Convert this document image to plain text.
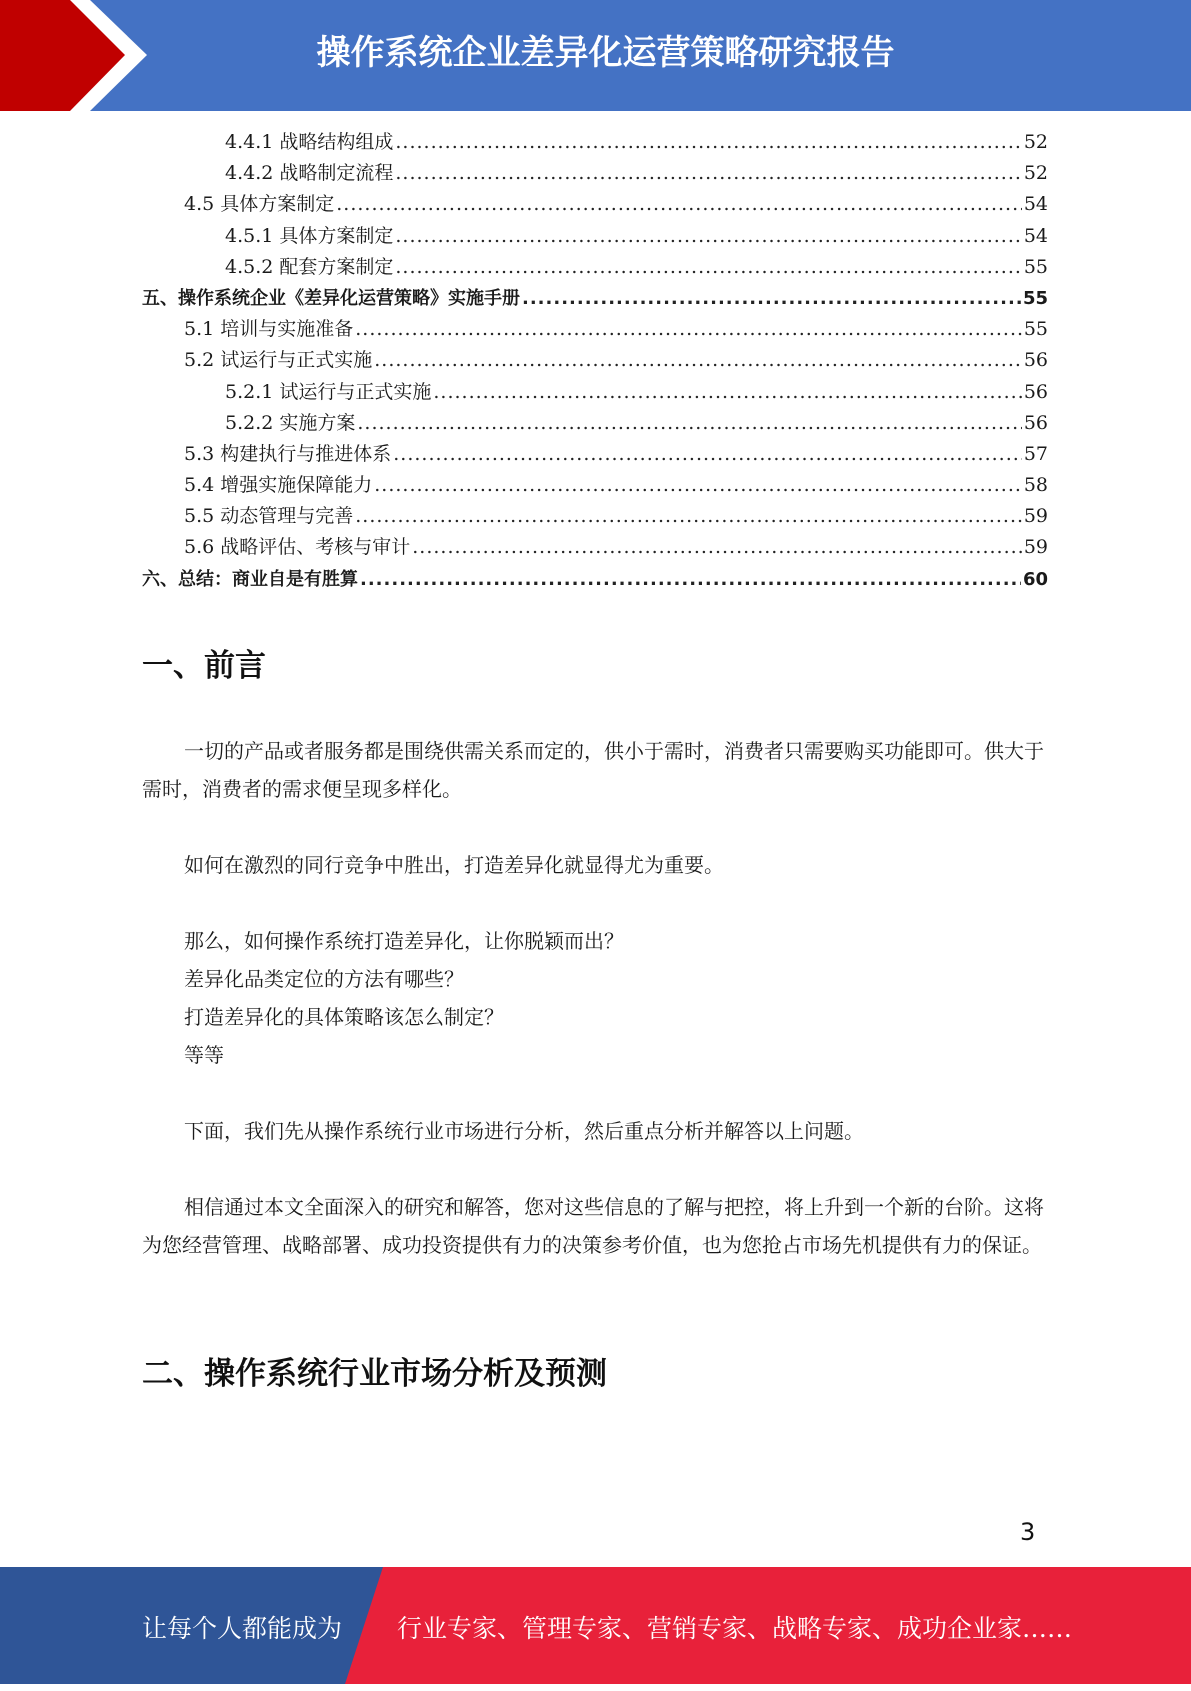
操作系统企业差异化运营策略研究报告
4.4.1 战略结构组成 .....	52
4.4.2 战略制定流程 .....	52
4.5 具体方案制定 .....	54
4.5.1 具体方案制定 .....	54
4.5.2 配套方案制定 .....	55
五、操作系统企业《差异化运营策略》实施手册 .....	55
5.1 培训与实施准备 .....	55
5.2 试运行与正式实施 .....	56
5.2.1 试运行与正式实施 .....	56
5.2.2 实施方案 .....	56
5.3 构建执行与推进体系 .....	57
5.4 增强实施保障能力 .....	58
5.5 动态管理与完善 .....	59
5.6 战略评估、考核与审计 .....	59
六、总结：商业自是有胜算 .....	60
一、前言

一切的产品或者服务都是围绕供需关系而定的，供小于需时，消费者只需要购买功能即可。供大于需时，消费者的需求便呈现多样化。

如何在激烈的同行竞争中胜出，打造差异化就显得尤为重要。

那么，如何操作系统打造差异化，让你脱颖而出？

差异化品类定位的方法有哪些？

打造差异化的具体策略该怎么制定？

等等

下面，我们先从操作系统行业市场进行分析，然后重点分析并解答以上问题。

相信通过本文全面深入的研究和解答，您对这些信息的了解与把控，将上升到一个新的台阶。这将为您经营管理、战略部署、成功投资提供有力的决策参考价值，也为您抢占市场先机提供有力的保证。

二、操作系统行业市场分析及预测
3
让每个人都能成为 行业专家、管理专家、营销专家、战略专家、成功企业家……
